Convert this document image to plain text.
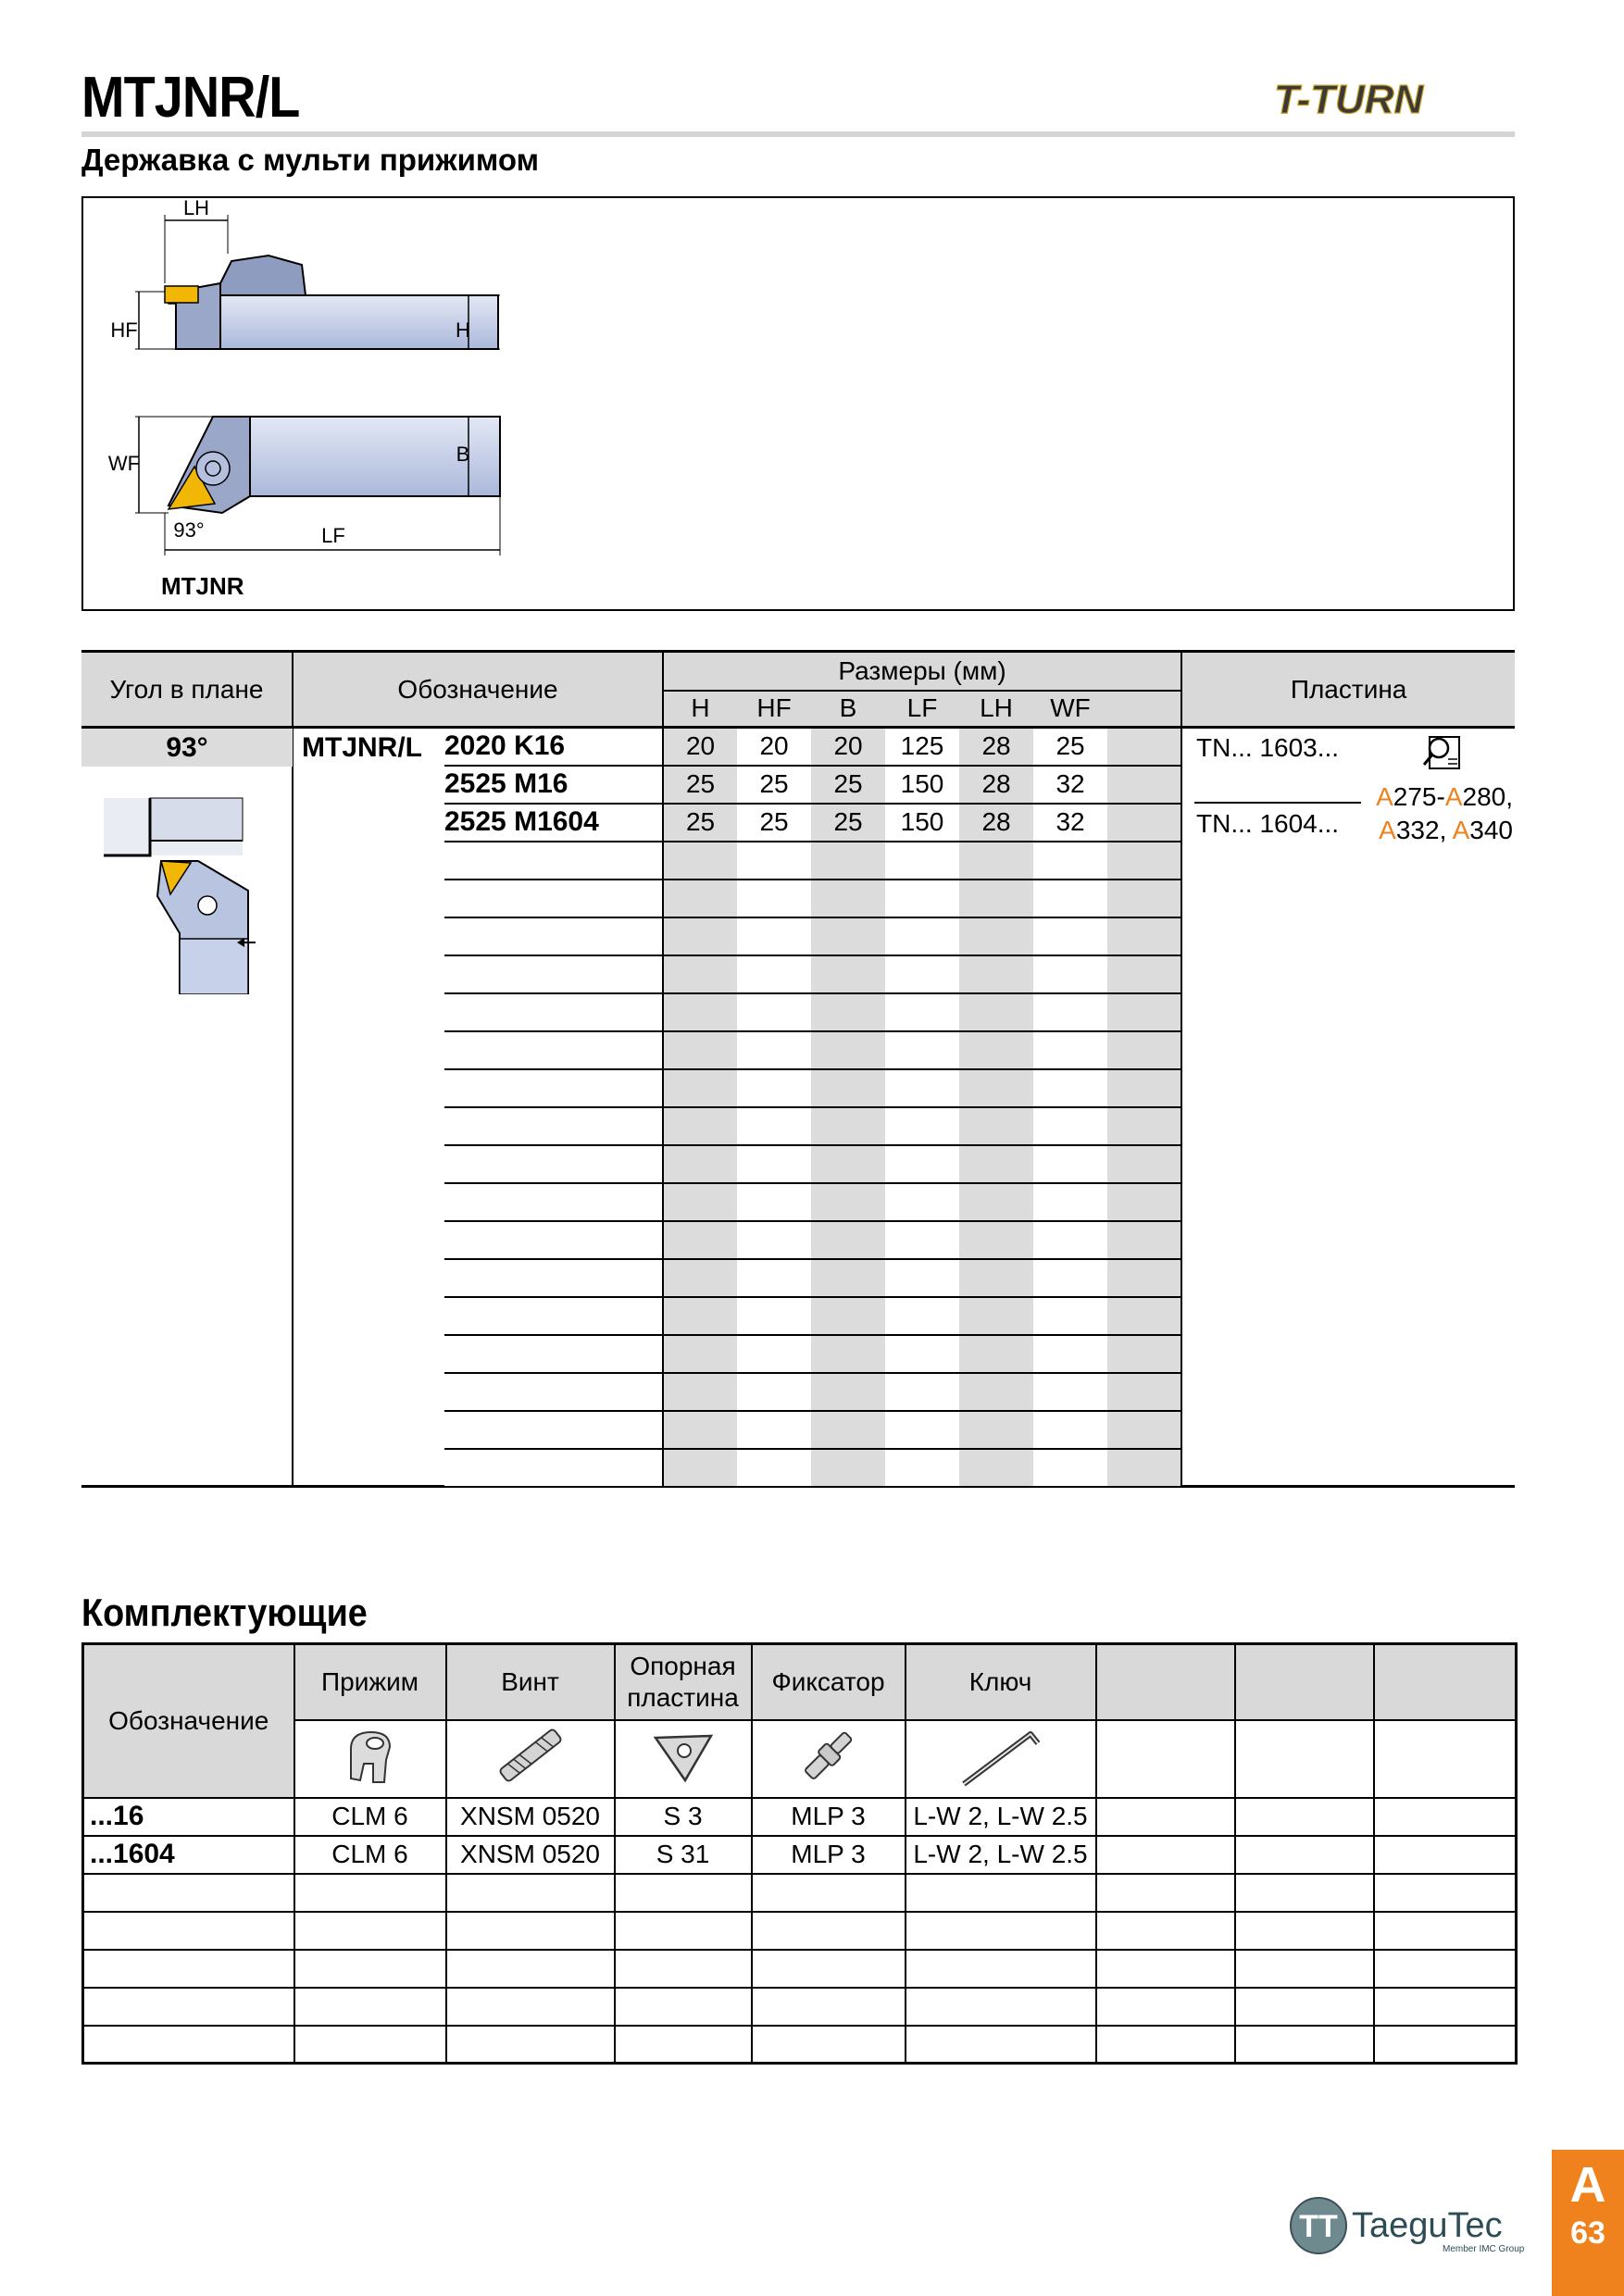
MTJNR/L
Державка с мульти прижимом
T-TURN
LH
HF	H
WF	B
LF
93°
MTJNR
Угол в плане	Обозначение		Размеры (мм)							Пластина
			H	HF	B	LF	LH	WF		
		2020 K16	20	20	20	125	28	25		
		2525 M16	25	25	25	150	28	32		
		2525 M1604	25	25	25	150	28	32		

93°	MTJNR/L	TN... 1603...
TN... 1604...
A275-A280,
A332, A340
Комплектующие
Обозначение	Прижим	Винт	Опорная
пластина	Фиксатор	Ключ			

...16	CLM 6	XNSM 0520	S 3	MLP 3	L-W 2, L-W 2.5			
...1604	CLM 6	XNSM 0520	S 31	MLP 3	L-W 2, L-W 2.5			

TT TaeguTec
Member IMC Group
A
63
